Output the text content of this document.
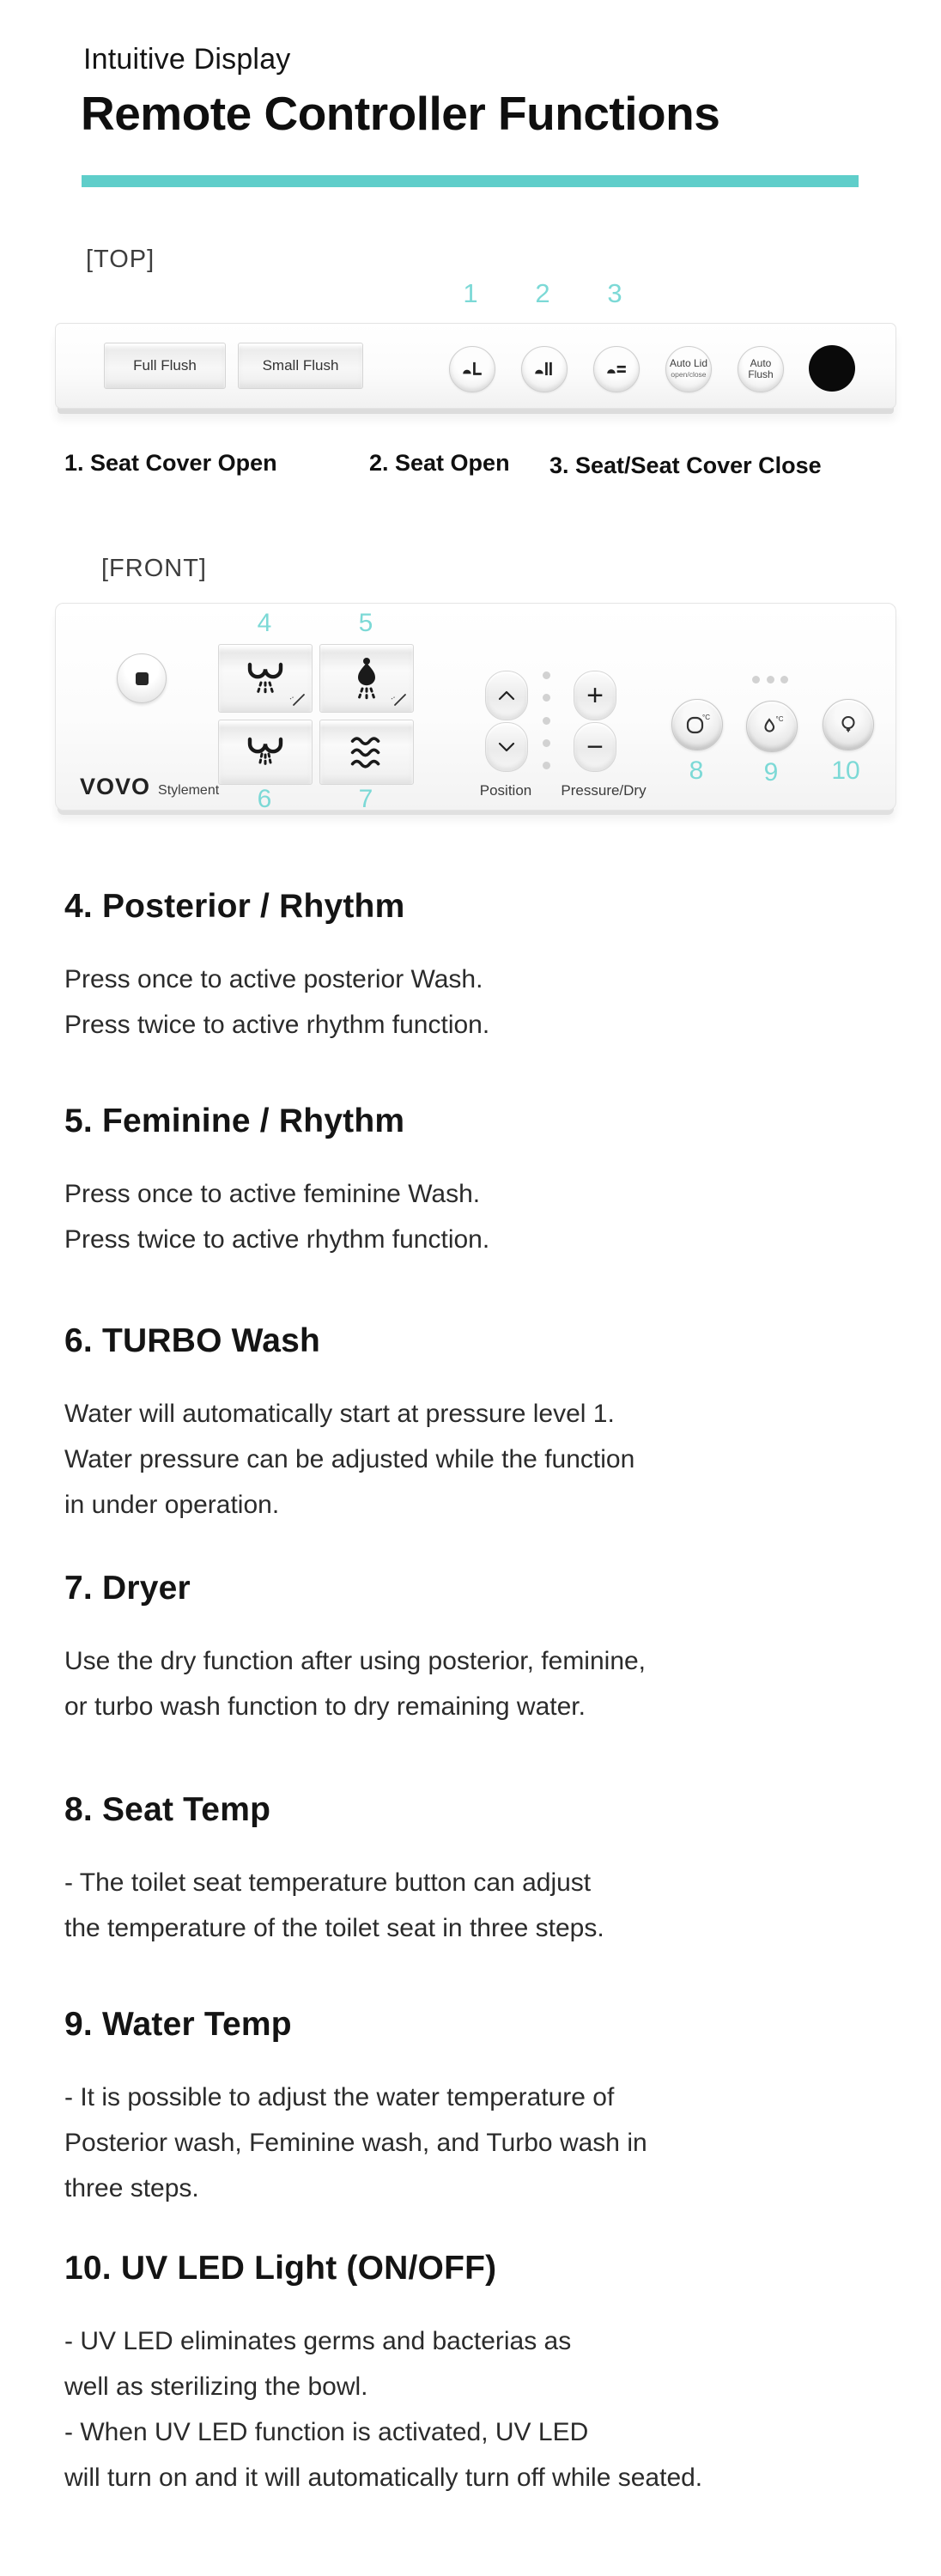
Intuitive Display
Remote Controller Functions
[TOP]
1	2	3
Full Flush	Small Flush	Auto Lid
open/close
Auto
Flush
1. Seat Cover Open	2. Seat Open 3. Seat/Seat Cover Close
[FRONT]
4	5
6	7
VOVO Stylement
+
−
Position	Pressure/Dry
°C	°C
8	9	10
4. Posterior / Rhythm

Press once to active posterior Wash.
Press twice to active rhythm function.

5. Feminine / Rhythm

Press once to active feminine Wash.
Press twice to active rhythm function.

6. TURBO Wash

Water will automatically start at pressure level 1.
Water pressure can be adjusted while the function
in under operation.

7. Dryer

Use the dry function after using posterior, feminine,
or turbo wash function to dry remaining water.

8. Seat Temp

- The toilet seat temperature button can adjust
the temperature of the toilet seat in three steps.

9. Water Temp

- It is possible to adjust the water temperature of
Posterior wash, Feminine wash, and Turbo wash in
three steps.

10. UV LED Light (ON/OFF)

- UV LED eliminates germs and bacterias as
well as sterilizing the bowl.
- When UV LED function is activated, UV LED
will turn on and it will automatically turn off while seated.
